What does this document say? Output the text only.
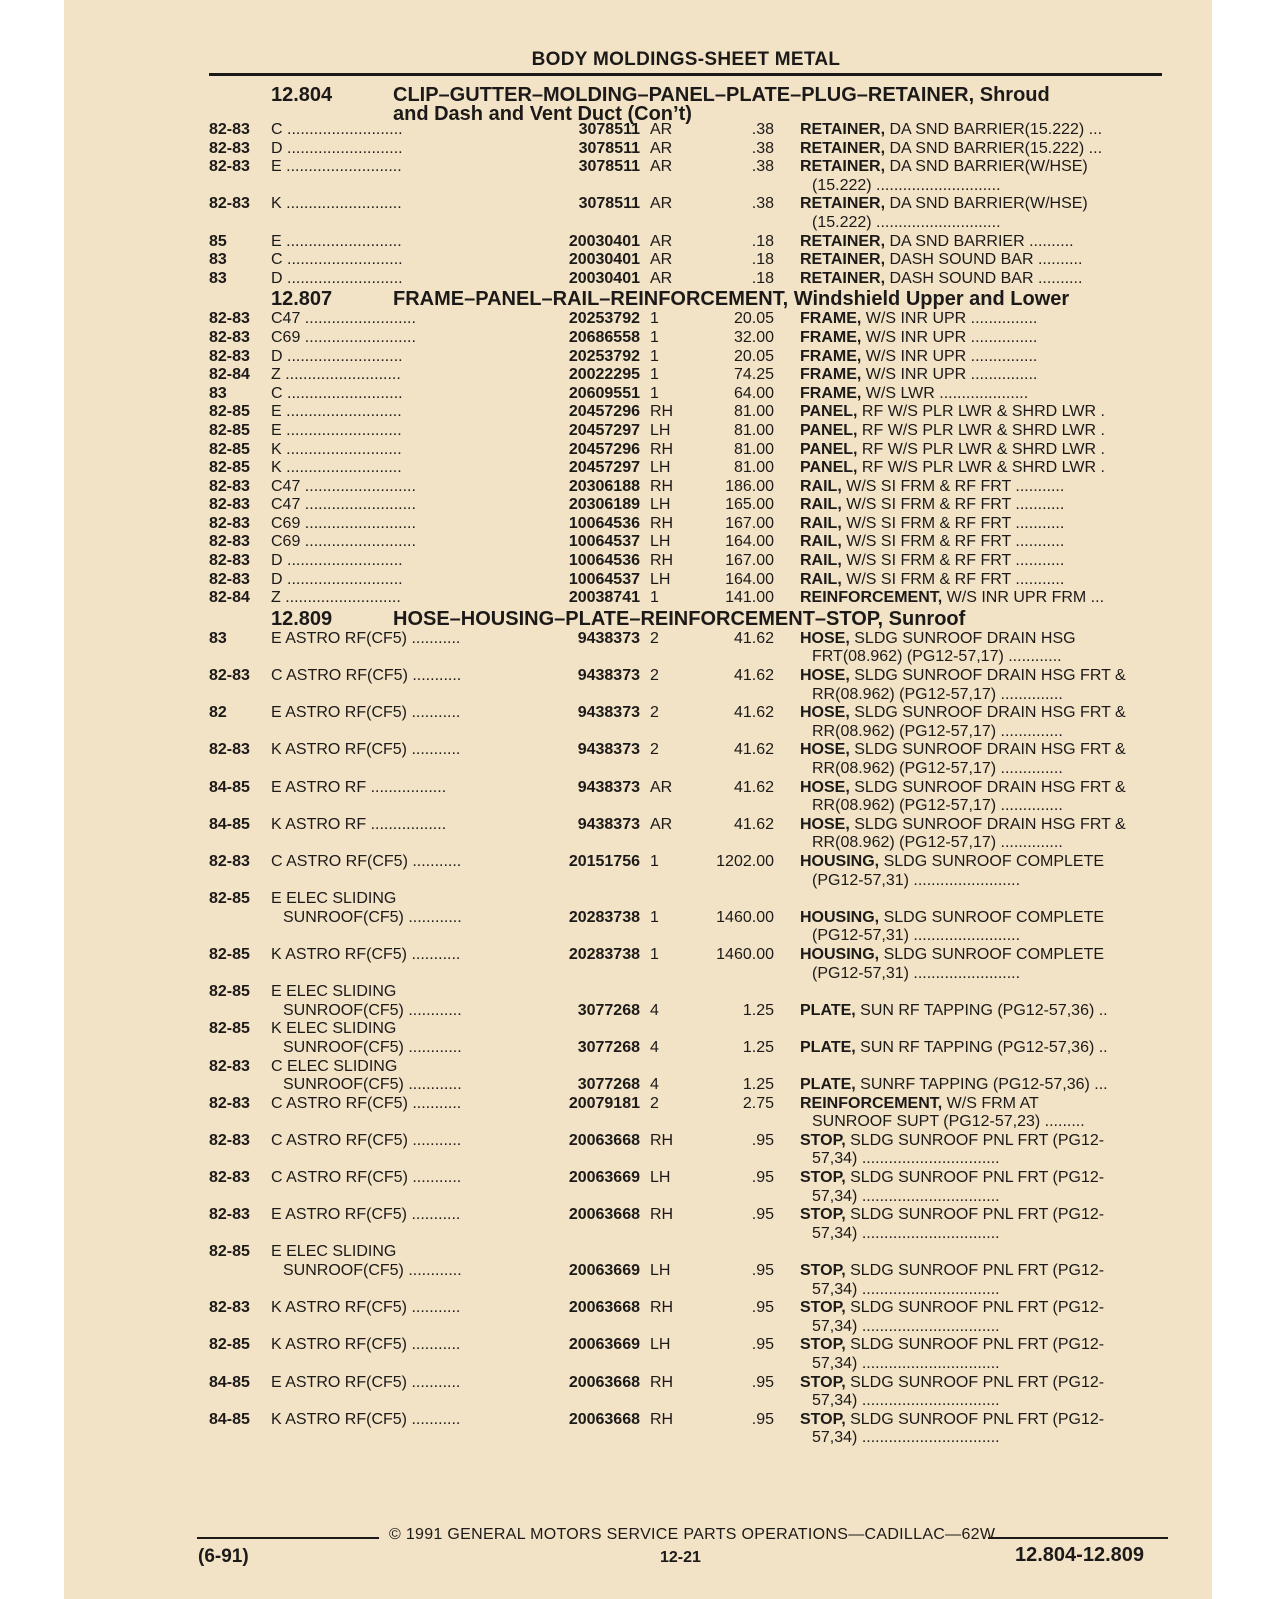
BODY MOLDINGS-SHEET METAL
12.804	CLIP–GUTTER–MOLDING–PANEL–PLATE–PLUG–RETAINER, Shroud
and Dash and Vent Duct (Con’t)
82-83 C ..........................	3078511 AR	.38 RETAINER, DA SND BARRIER(15.222) ...
82-83 D ..........................	3078511 AR	.38 RETAINER, DA SND BARRIER(15.222) ...
82-83 E ..........................	3078511 AR	.38 RETAINER, DA SND BARRIER(W/HSE)
(15.222) ............................
82-83 K ..........................	3078511 AR	.38 RETAINER, DA SND BARRIER(W/HSE)
(15.222) ............................
85	E ..........................	20030401 AR	.18 RETAINER, DA SND BARRIER ..........
83	C ..........................	20030401 AR	.18 RETAINER, DASH SOUND BAR ..........
83	D ..........................	20030401 AR	.18 RETAINER, DASH SOUND BAR ..........
12.807	FRAME–PANEL–RAIL–REINFORCEMENT, Windshield Upper and Lower
82-83 C47 .........................	20253792 1	20.05 FRAME, W/S INR UPR ...............
82-83 C69 .........................	20686558 1	32.00 FRAME, W/S INR UPR ...............
82-83 D ..........................	20253792 1	20.05 FRAME, W/S INR UPR ...............
82-84 Z ..........................	20022295 1	74.25 FRAME, W/S INR UPR ...............
83	C ..........................	20609551 1	64.00 FRAME, W/S LWR ....................
82-85 E ..........................	20457296 RH	81.00 PANEL, RF W/S PLR LWR & SHRD LWR .
82-85 E ..........................	20457297 LH	81.00 PANEL, RF W/S PLR LWR & SHRD LWR .
82-85 K ..........................	20457296 RH	81.00 PANEL, RF W/S PLR LWR & SHRD LWR .
82-85 K ..........................	20457297 LH	81.00 PANEL, RF W/S PLR LWR & SHRD LWR .
82-83 C47 .........................	20306188 RH	186.00 RAIL, W/S SI FRM & RF FRT ...........
82-83 C47 .........................	20306189 LH	165.00 RAIL, W/S SI FRM & RF FRT ...........
82-83 C69 .........................	10064536 RH	167.00 RAIL, W/S SI FRM & RF FRT ...........
82-83 C69 .........................	10064537 LH	164.00 RAIL, W/S SI FRM & RF FRT ...........
82-83 D ..........................	10064536 RH	167.00 RAIL, W/S SI FRM & RF FRT ...........
82-83 D ..........................	10064537 LH	164.00 RAIL, W/S SI FRM & RF FRT ...........
82-84 Z ..........................	20038741 1	141.00 REINFORCEMENT, W/S INR UPR FRM ...
12.809	HOSE–HOUSING–PLATE–REINFORCEMENT–STOP, Sunroof
83	E ASTRO RF(CF5) ...........	9438373 2	41.62 HOSE, SLDG SUNROOF DRAIN HSG
FRT(08.962) (PG12-57,17) ............
82-83 C ASTRO RF(CF5) ...........	9438373 2	41.62 HOSE, SLDG SUNROOF DRAIN HSG FRT &
RR(08.962) (PG12-57,17) ..............
82	E ASTRO RF(CF5) ...........	9438373 2	41.62 HOSE, SLDG SUNROOF DRAIN HSG FRT &
RR(08.962) (PG12-57,17) ..............
82-83 K ASTRO RF(CF5) ...........	9438373 2	41.62 HOSE, SLDG SUNROOF DRAIN HSG FRT &
RR(08.962) (PG12-57,17) ..............
84-85 E ASTRO RF .................	9438373 AR	41.62 HOSE, SLDG SUNROOF DRAIN HSG FRT &
RR(08.962) (PG12-57,17) ..............
84-85 K ASTRO RF .................	9438373 AR	41.62 HOSE, SLDG SUNROOF DRAIN HSG FRT &
RR(08.962) (PG12-57,17) ..............
82-83 C ASTRO RF(CF5) ...........	20151756 1	1202.00 HOUSING, SLDG SUNROOF COMPLETE
(PG12-57,31) ........................
82-85 E ELEC SLIDING
SUNROOF(CF5) ............	20283738 1	1460.00 HOUSING, SLDG SUNROOF COMPLETE
(PG12-57,31) ........................
82-85 K ASTRO RF(CF5) ...........	20283738 1	1460.00 HOUSING, SLDG SUNROOF COMPLETE
(PG12-57,31) ........................
82-85 E ELEC SLIDING
SUNROOF(CF5) ............	3077268 4	1.25 PLATE, SUN RF TAPPING (PG12-57,36) ..
82-85 K ELEC SLIDING
SUNROOF(CF5) ............	3077268 4	1.25 PLATE, SUN RF TAPPING (PG12-57,36) ..
82-83 C ELEC SLIDING
SUNROOF(CF5) ............	3077268 4	1.25 PLATE, SUNRF TAPPING (PG12-57,36) ...
82-83 C ASTRO RF(CF5) ...........	20079181 2	2.75 REINFORCEMENT, W/S FRM AT
SUNROOF SUPT (PG12-57,23) .........
82-83 C ASTRO RF(CF5) ...........	20063668 RH	.95 STOP, SLDG SUNROOF PNL FRT (PG12-
57,34) ...............................
82-83 C ASTRO RF(CF5) ...........	20063669 LH	.95 STOP, SLDG SUNROOF PNL FRT (PG12-
57,34) ...............................
82-83 E ASTRO RF(CF5) ...........	20063668 RH	.95 STOP, SLDG SUNROOF PNL FRT (PG12-
57,34) ...............................
82-85 E ELEC SLIDING
SUNROOF(CF5) ............	20063669 LH	.95 STOP, SLDG SUNROOF PNL FRT (PG12-
57,34) ...............................
82-83 K ASTRO RF(CF5) ...........	20063668 RH	.95 STOP, SLDG SUNROOF PNL FRT (PG12-
57,34) ...............................
82-85 K ASTRO RF(CF5) ...........	20063669 LH	.95 STOP, SLDG SUNROOF PNL FRT (PG12-
57,34) ...............................
84-85 E ASTRO RF(CF5) ...........	20063668 RH	.95 STOP, SLDG SUNROOF PNL FRT (PG12-
57,34) ...............................
84-85 K ASTRO RF(CF5) ...........	20063668 RH	.95 STOP, SLDG SUNROOF PNL FRT (PG12-
57,34) ...............................
© 1991 GENERAL MOTORS SERVICE PARTS OPERATIONS—CADILLAC—62W
(6-91)	12-21	12.804-12.809
